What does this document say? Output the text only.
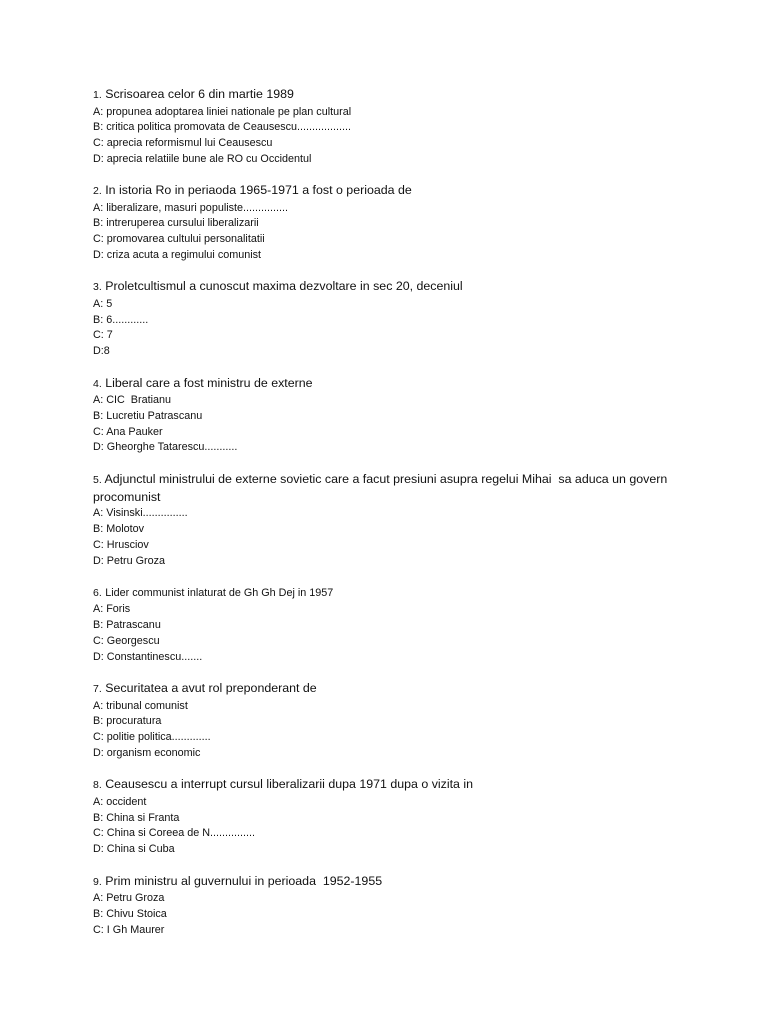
1. Scrisoarea celor 6 din martie 1989

A: propunea adoptarea liniei nationale pe plan cultural
B: critica politica promovata de Ceausescu..................
C: aprecia reformismul lui Ceausescu
D: aprecia relatiile bune ale RO cu Occidentul

2. In istoria Ro in periaoda 1965-1971 a fost o perioada de

A: liberalizare, masuri populiste...............
B: intreruperea cursului liberalizarii
C: promovarea cultului personalitatii
D: criza acuta a regimului comunist

3. Proletcultismul a cunoscut maxima dezvoltare in sec 20, deceniul

A: 5
B: 6............
C: 7
D:8

4. Liberal care a fost ministru de externe

A: CIC  Bratianu
B: Lucretiu Patrascanu
C: Ana Pauker
D: Gheorghe Tatarescu...........

5. Adjunctul ministrului de externe sovietic care a facut presiuni asupra regelui Mihai  sa aduca un govern procomunist

A: Visinski...............
B: Molotov
C: Hrusciov
D: Petru Groza

6. Lider communist inlaturat de Gh Gh Dej in 1957

A: Foris
B: Patrascanu
C: Georgescu
D: Constantinescu.......

7. Securitatea a avut rol preponderant de

A: tribunal comunist
B: procuratura
C: politie politica.............
D: organism economic

8. Ceausescu a interrupt cursul liberalizarii dupa 1971 dupa o vizita in

A: occident
B: China si Franta
C: China si Coreea de N...............
D: China si Cuba

9. Prim ministru al guvernului in perioada  1952-1955

A: Petru Groza
B: Chivu Stoica
C: I Gh Maurer
